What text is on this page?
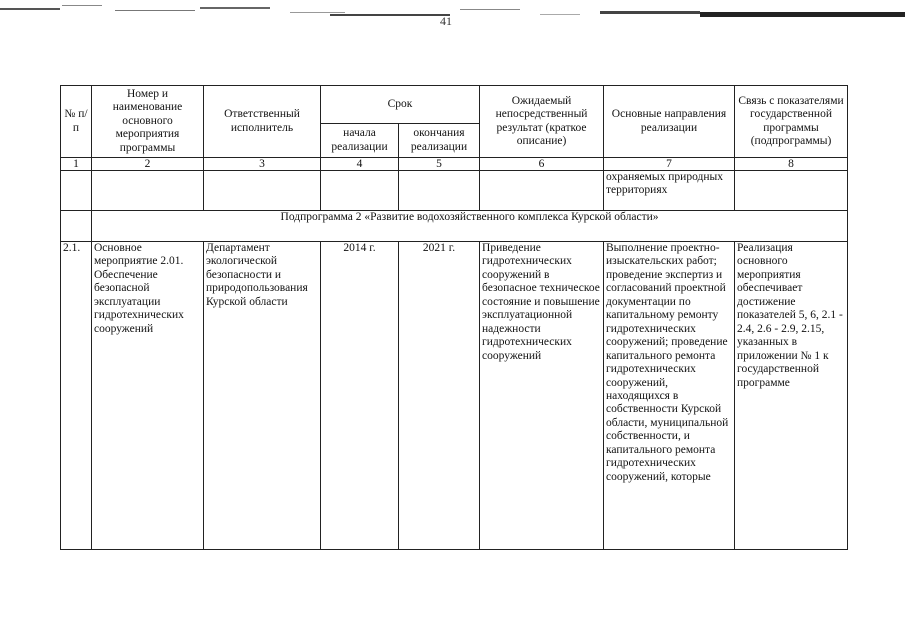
41
№ п/п	Номер и наименование основного мероприятия программы	Ответственный исполнитель	Срок		Ожидаемый непосредственный результат (краткое описание)	Основные направления реализации	Связь с показателями государственной программы (подпрограммы)
			начала реализации	окончания реализации			
1	2	3	4	5	6	7	8
						охраняемых природных территориях	
	Подпрограмма 2 «Развитие водохозяйственного комплекса Курской области»						
2.1.	Основное мероприятие 2.01. Обеспечение безопасной эксплуатации гидротехнических сооружений	Департамент экологической безопасности и природопользования Курской области	2014 г.	2021 г.	Приведение гидротехнических сооружений в безопасное техническое состояние и повышение эксплуатационной надежности гидротехнических сооружений	Выполнение проектно-изыскательских работ; проведение экспертиз и согласований проектной документации по капитальному ремонту гидротехнических сооружений; проведение капитального ремонта гидротехнических сооружений, находящихся в собственности Курской области, муниципальной собственности, и капитального ремонта гидротехнических сооружений, которые	Реализация основного мероприятия обеспечивает достижение показателей 5, 6, 2.1 - 2.4, 2.6 - 2.9, 2.15, указанных в приложении № 1 к государственной программе
